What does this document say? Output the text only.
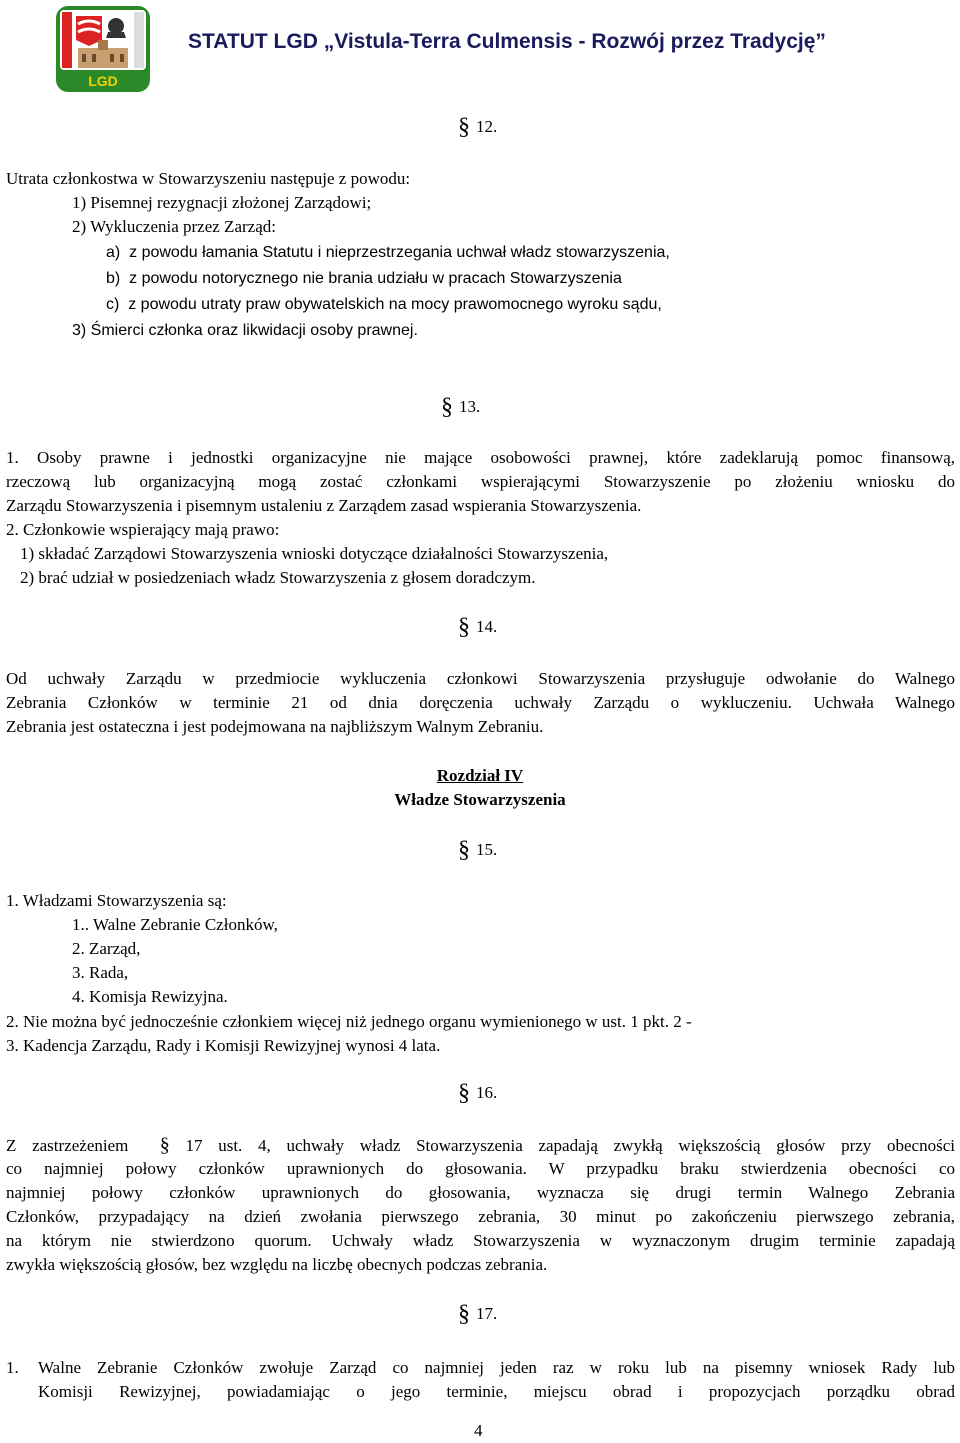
LGD
STATUT LGD „Vistula-Terra Culmensis - Rozwój przez Tradycję”
§ 12.
Utrata członkostwa w Stowarzyszeniu następuje z powodu:
1) Pisemnej rezygnacji złożonej Zarządowi;
2) Wykluczenia przez Zarząd:
a) z powodu łamania Statutu i nieprzestrzegania uchwał władz stowarzyszenia,
b) z powodu notorycznego nie brania udziału w pracach Stowarzyszenia
c) z powodu utraty praw obywatelskich na mocy prawomocnego wyroku sądu,
3) Śmierci członka oraz likwidacji osoby prawnej.
§ 13.
1. Osoby prawne i jednostki organizacyjne nie mające osobowości prawnej, które zadeklarują pomoc finansową,
rzeczową lub organizacyjną mogą zostać członkami wspierającymi Stowarzyszenie po złożeniu wniosku do
Zarządu Stowarzyszenia i pisemnym ustaleniu z Zarządem zasad wspierania Stowarzyszenia.
2. Członkowie wspierający mają prawo:
1) składać Zarządowi Stowarzyszenia wnioski dotyczące działalności Stowarzyszenia,
2) brać udział w posiedzeniach władz Stowarzyszenia z głosem doradczym.
§ 14.
Od uchwały Zarządu w przedmiocie wykluczenia członkowi Stowarzyszenia przysługuje odwołanie do Walnego
Zebrania Członków w terminie 21 od dnia doręczenia uchwały Zarządu o wykluczeniu. Uchwała Walnego
Zebrania jest ostateczna i jest podejmowana na najbliższym Walnym Zebraniu.
Rozdział IV
Władze Stowarzyszenia
§ 15.
1. Władzami Stowarzyszenia są:
1.. Walne Zebranie Członków,
2. Zarząd,
3. Rada,
4. Komisja Rewizyjna.
2. Nie można być jednocześnie członkiem więcej niż jednego organu wymienionego w ust. 1 pkt. 2 -
3. Kadencja Zarządu, Rady i Komisji Rewizyjnej wynosi 4 lata.
§ 16.
Z zastrzeżeniem § 17 ust. 4, uchwały władz Stowarzyszenia zapadają zwykłą większością głosów przy obecności
co najmniej połowy członków uprawnionych do głosowania. W przypadku braku stwierdzenia obecności co
najmniej połowy członków uprawnionych do głosowania, wyznacza się drugi termin Walnego Zebrania
Członków, przypadający na dzień zwołania pierwszego zebrania, 30 minut po zakończeniu pierwszego zebrania,
na którym nie stwierdzono quorum. Uchwały władz Stowarzyszenia w wyznaczonym drugim terminie zapadają
zwykła większością głosów, bez względu na liczbę obecnych podczas zebrania.
§ 17.
1. Walne Zebranie Członków zwołuje Zarząd co najmniej jeden raz w roku lub na pisemny wniosek Rady lub
Komisji Rewizyjnej, powiadamiając o jego terminie, miejscu obrad i propozycjach porządku obrad
4
